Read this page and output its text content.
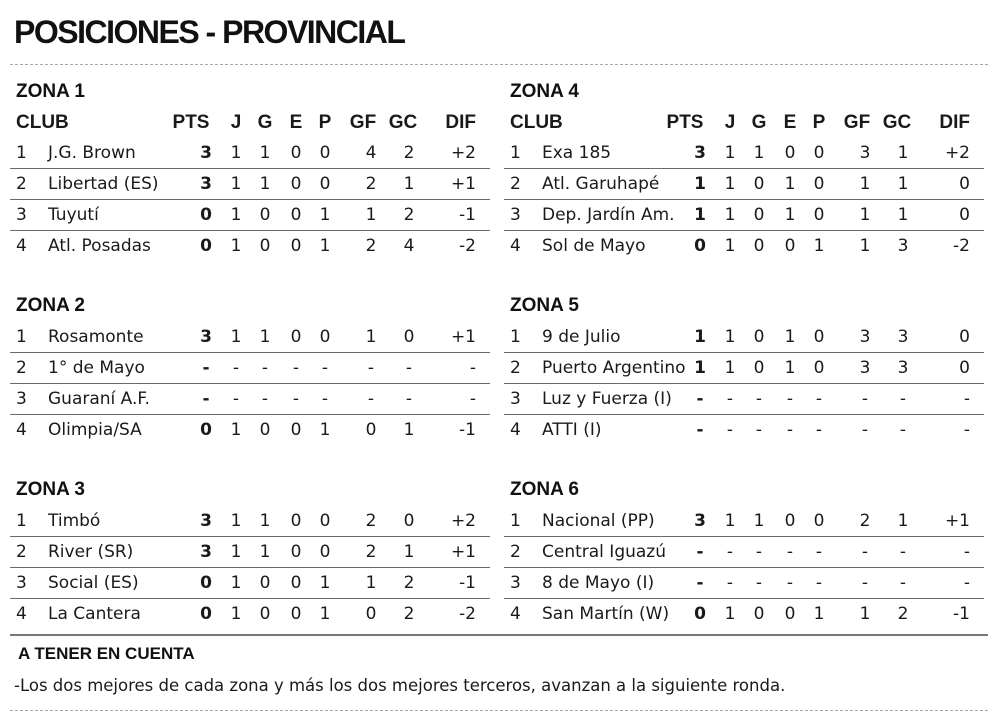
POSICIONES - PROVINCIAL
ZONA 1
CLUB	PTS J G E P GF GC	DIF
1 J.G. Brown	3 1 1 0 0 4 2	+2
2 Libertad (ES) 3 1 1 0 0 2 1	+1
3 Tuyutí	0 1 0 0 1 1 2	-1
4 Atl. Posadas	0 1 0 0 1 2 4	-2
ZONA 4
CLUB	PTS J G E P GF GC	DIF
1 Exa 185	3 1 1 0 0 3 1	+2
2 Atl. Garuhapé 1 1 0 1 0 1 1	0
3 Dep. Jardín Am. 1 1 0 1 0 1 1	0
4 Sol de Mayo	0 1 0 0 1 1 3	-2
ZONA 2
1 Rosamonte	3 1 1 0 0 1 0	+1
2 1° de Mayo	-	-	-	-	-	-	-	-
3 Guaraní A.F.	-	-	-	-	-	-	-	-
4 Olimpia/SA	0 1 0 0 1 0 1	-1
ZONA 5
1 9 de Julio	1 1 0 1 0 3 3	0
2 Puerto Argentino 1 1 0 1 0 3 3	0
3 Luz y Fuerza (I)	-	-	-	-	-	-	-	-
4 ATTI (I)	-	-	-	-	-	-	-	-
ZONA 3
1 Timbó	3 1 1 0 0 2 0	+2
2 River (SR)	3 1 1 0 0 2 1	+1
3 Social (ES)	0 1 0 0 1 1 2	-1
4 La Cantera	0 1 0 0 1 0 2	-2
ZONA 6
1 Nacional (PP) 3 1 1 0 0 2 1	+1
2 Central Iguazú	-	-	-	-	-	-	-	-
3 8 de Mayo (I)	-	-	-	-	-	-	-	-
4 San Martín (W) 0 1 0 0 1 1 2	-1
A TENER EN CUENTA
-Los dos mejores de cada zona y más los dos mejores terceros, avanzan a la siguiente ronda.
